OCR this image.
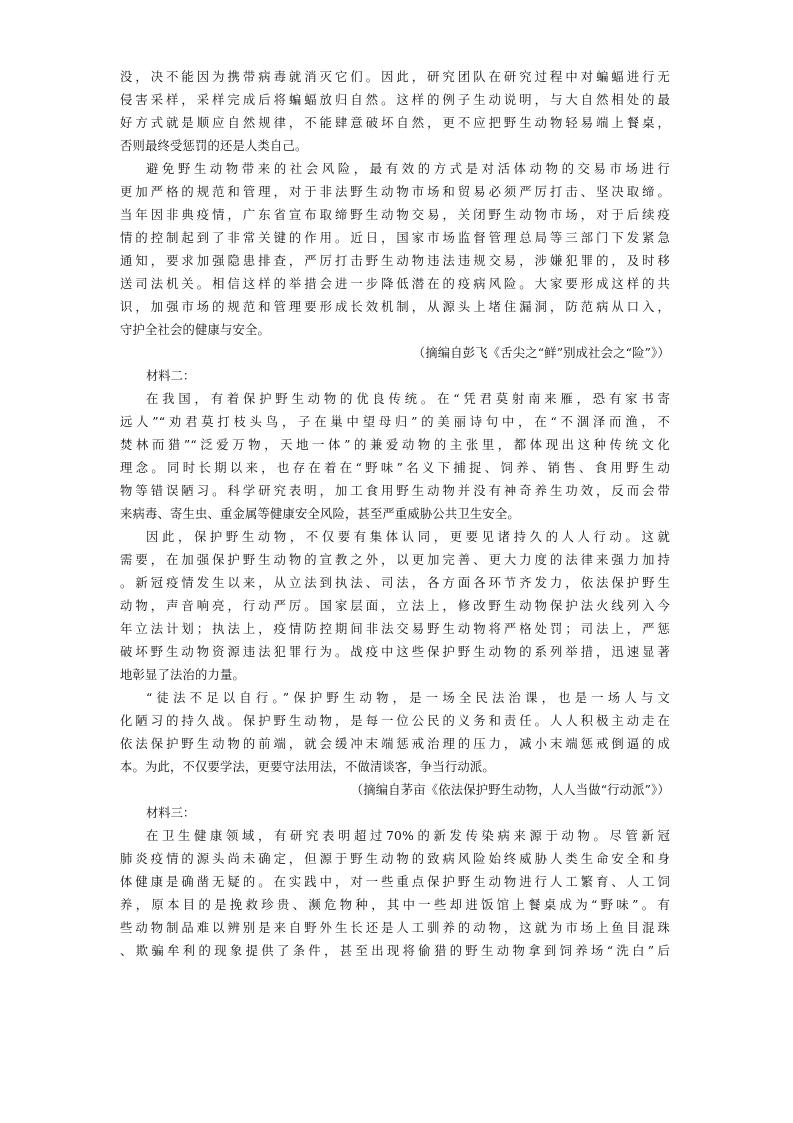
没，决不能因为携带病毒就消灭它们。因此，研究团队在研究过程中对蝙蝠进行无
侵害采样，采样完成后将蝙蝠放归自然。这样的例子生动说明，与大自然相处的最
好方式就是顺应自然规律，不能肆意破坏自然，更不应把野生动物轻易端上餐桌，
否则最终受惩罚的还是人类自己。
避免野生动物带来的社会风险，最有效的方式是对活体动物的交易市场进行
更加严格的规范和管理，对于非法野生动物市场和贸易必须严厉打击、坚决取缔。
当年因非典疫情，广东省宣布取缔野生动物交易，关闭野生动物市场，对于后续疫
情的控制起到了非常关键的作用。近日，国家市场监督管理总局等三部门下发紧急
通知，要求加强隐患排查，严厉打击野生动物违法违规交易，涉嫌犯罪的，及时移
送司法机关。相信这样的举措会进一步降低潜在的疫病风险。大家要形成这样的共
识，加强市场的规范和管理要形成长效机制，从源头上堵住漏洞，防范病从口入，
守护全社会的健康与安全。
（摘编自彭飞《舌尖之“鲜”别成社会之“险”》）
材料二：
在我国，有着保护野生动物的优良传统。在“凭君莫射南来雁，恐有家书寄
远人”“劝君莫打枝头鸟，子在巢中望母归”的美丽诗句中，在“不涸泽而渔，不
焚林而猎”“泛爱万物，天地一体”的兼爱动物的主张里，都体现出这种传统文化
理念。同时长期以来，也存在着在“野味”名义下捕捉、饲养、销售、食用野生动
物等错误陋习。科学研究表明，加工食用野生动物并没有神奇养生功效，反而会带
来病毒、寄生虫、重金属等健康安全风险，甚至严重威胁公共卫生安全。
因此，保护野生动物，不仅要有集体认同，更要见诸持久的人人行动。这就
需要，在加强保护野生动物的宣教之外，以更加完善、更大力度的法律来强力加持
。新冠疫情发生以来，从立法到执法、司法，各方面各环节齐发力，依法保护野生
动物，声音响亮，行动严厉。国家层面，立法上，修改野生动物保护法火线列入今
年立法计划；执法上，疫情防控期间非法交易野生动物将严格处罚；司法上，严惩
破坏野生动物资源违法犯罪行为。战疫中这些保护野生动物的系列举措，迅速显著
地彰显了法治的力量。
“徒法不足以自行。”保护野生动物，是一场全民法治课，也是一场人与文
化陋习的持久战。保护野生动物，是每一位公民的义务和责任。人人积极主动走在
依法保护野生动物的前端，就会缓冲末端惩戒治理的压力，减小末端惩戒倒逼的成
本。为此，不仅要学法，更要守法用法，不做清谈客，争当行动派。
（摘编自茅亩《依法保护野生动物，人人当做“行动派”》）
材料三：
在卫生健康领域，有研究表明超过70%的新发传染病来源于动物。尽管新冠
肺炎疫情的源头尚未确定，但源于野生动物的致病风险始终威胁人类生命安全和身
体健康是确凿无疑的。在实践中，对一些重点保护野生动物进行人工繁育、人工饲
养，原本目的是挽救珍贵、濒危物种，其中一些却进饭馆上餐桌成为“野味”。有
些动物制品难以辨别是来自野外生长还是人工驯养的动物，这就为市场上鱼目混珠
、欺骗牟利的现象提供了条件，甚至出现将偷猎的野生动物拿到饲养场“洗白”后
